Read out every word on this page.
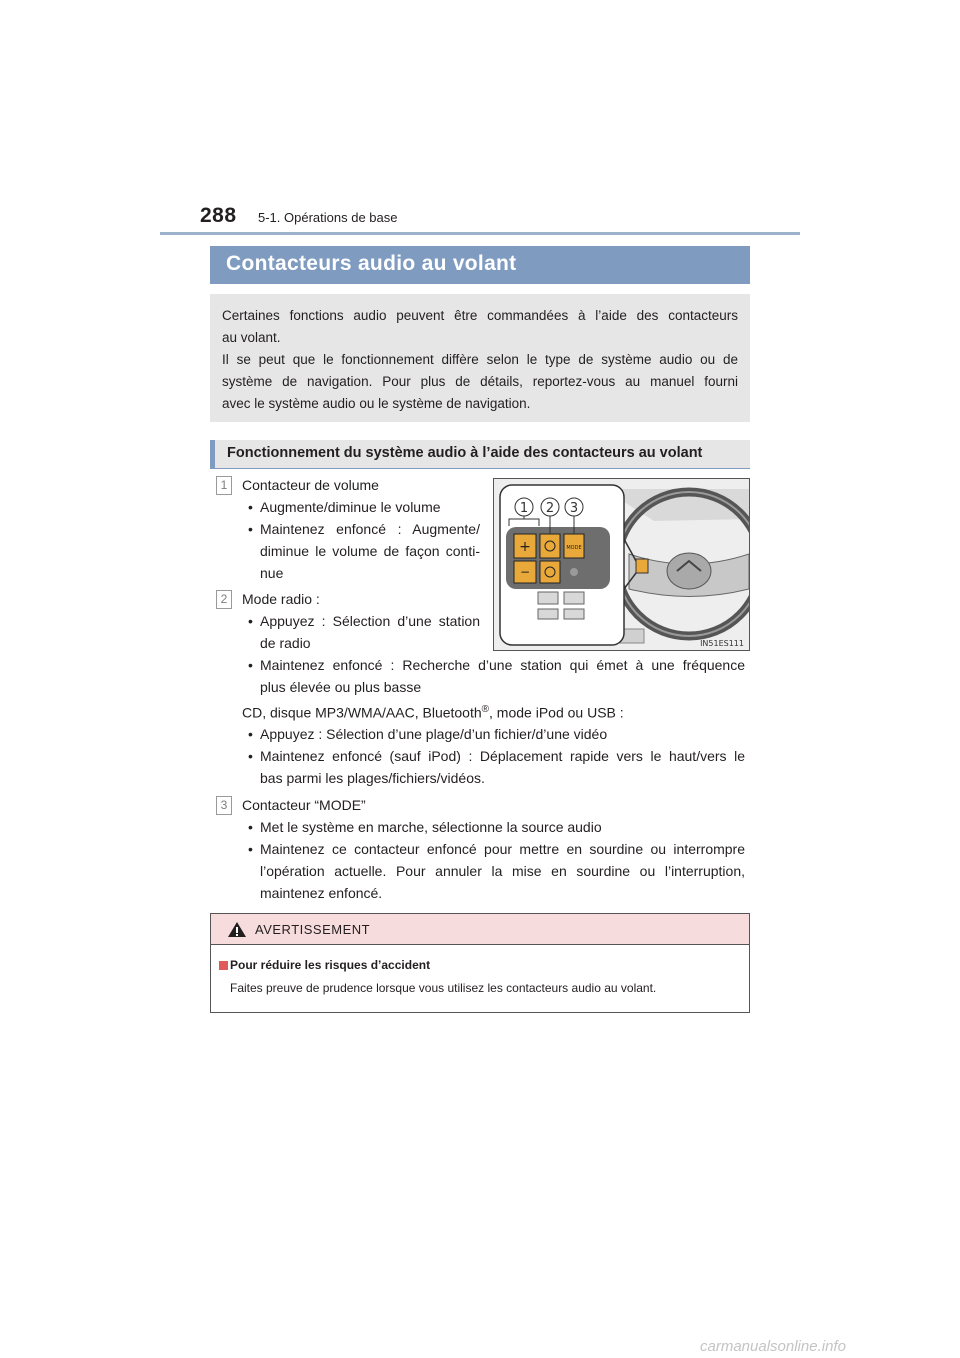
288 5-1. Opérations de base
Contacteurs audio au volant
Certaines fonctions audio peuvent être commandées à l’aide des contacteurs
au volant.
Il se peut que le fonctionnement diffère selon le type de système audio ou de
système de navigation. Pour plus de détails, reportez-vous au manuel fourni
avec le système audio ou le système de navigation.
Fonctionnement du système audio à l’aide des contacteurs au volant
1	Contacteur de volume
• Augmente/diminue le volume
• Maintenez enfoncé : Augmente/
diminue le volume de façon conti-
nue
+
−
MODE
1 2 3
IN51ES111
2	Mode radio :
• Appuyez : Sélection d’une station
de radio
• Maintenez enfoncé : Recherche d’une station qui émet à une fréquence
plus élevée ou plus basse
CD, disque MP3/WMA/AAC, Bluetooth®, mode iPod ou USB :
• Appuyez : Sélection d’une plage/d’un fichier/d’une vidéo
• Maintenez enfoncé (sauf iPod) : Déplacement rapide vers le haut/vers le
bas parmi les plages/fichiers/vidéos.
3	Contacteur “MODE”
• Met le système en marche, sélectionne la source audio
• Maintenez ce contacteur enfoncé pour mettre en sourdine ou interrompre
l’opération actuelle. Pour annuler la mise en sourdine ou l’interruption,
maintenez enfoncé.
AVERTISSEMENT
Pour réduire les risques d’accident
Faites preuve de prudence lorsque vous utilisez les contacteurs audio au volant.
carmanualsonline.info
